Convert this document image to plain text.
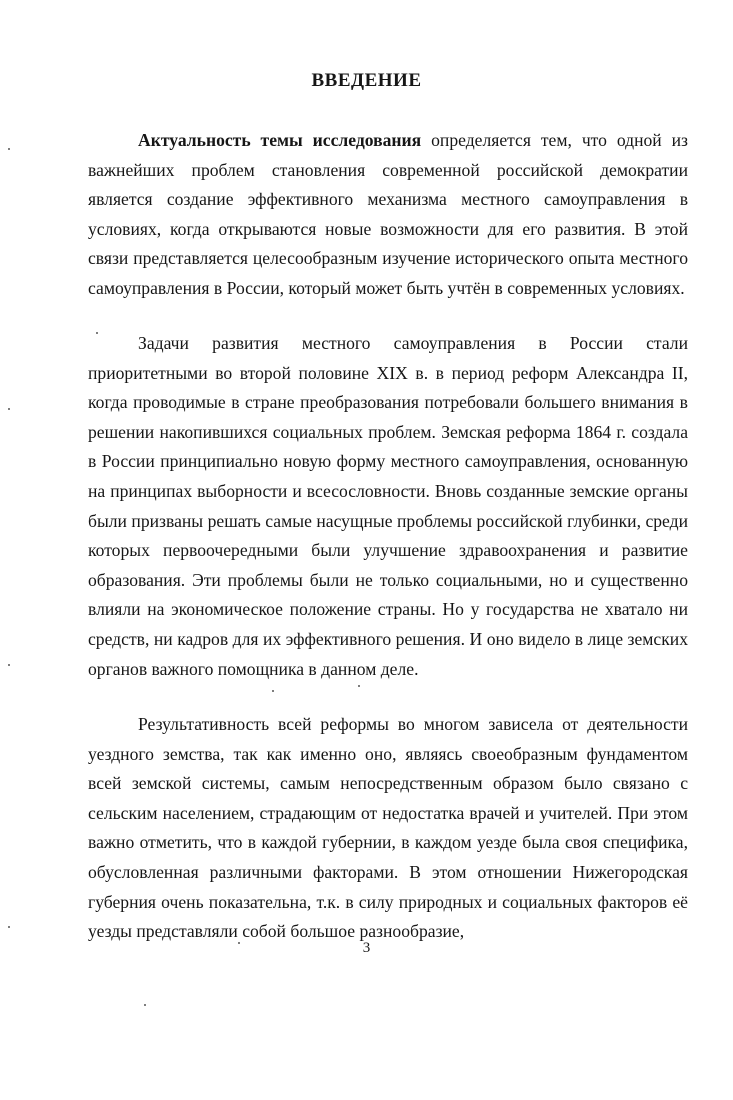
ВВЕДЕНИЕ

Актуальность темы исследования определяется тем, что одной из важнейших проблем становления современной российской демократии является создание эффективного механизма местного самоуправления в условиях, когда открываются новые возможности для его развития. В этой связи представляется целесообразным изучение исторического опыта местного самоуправления в России, который может быть учтён в современных условиях.

Задачи развития местного самоуправления в России стали приоритетными во второй половине XIX в. в период реформ Александра II, когда проводимые в стране преобразования потребовали большего внимания в решении накопившихся социальных проблем. Земская реформа 1864 г. создала в России принципиально новую форму местного самоуправления, основанную на принципах выборности и всесословности. Вновь созданные земские органы были призваны решать самые насущные проблемы российской глубинки, среди которых первоочередными были улучшение здравоохранения и развитие образования. Эти проблемы были не только социальными, но и существенно влияли на экономическое положение страны. Но у государства не хватало ни средств, ни кадров для их эффективного решения. И оно видело в лице земских органов важного помощника в данном деле.

Результативность всей реформы во многом зависела от деятельности уездного земства, так как именно оно, являясь своеобразным фундаментом всей земской системы, самым непосредственным образом было связано с сельским населением, страдающим от недостатка врачей и учителей. При этом важно отметить, что в каждой губернии, в каждом уезде была своя специфика, обусловленная различными факторами. В этом отношении Нижегородская губерния очень показательна, т.к. в силу природных и социальных факторов её уезды представляли собой большое разнообразие,

3
